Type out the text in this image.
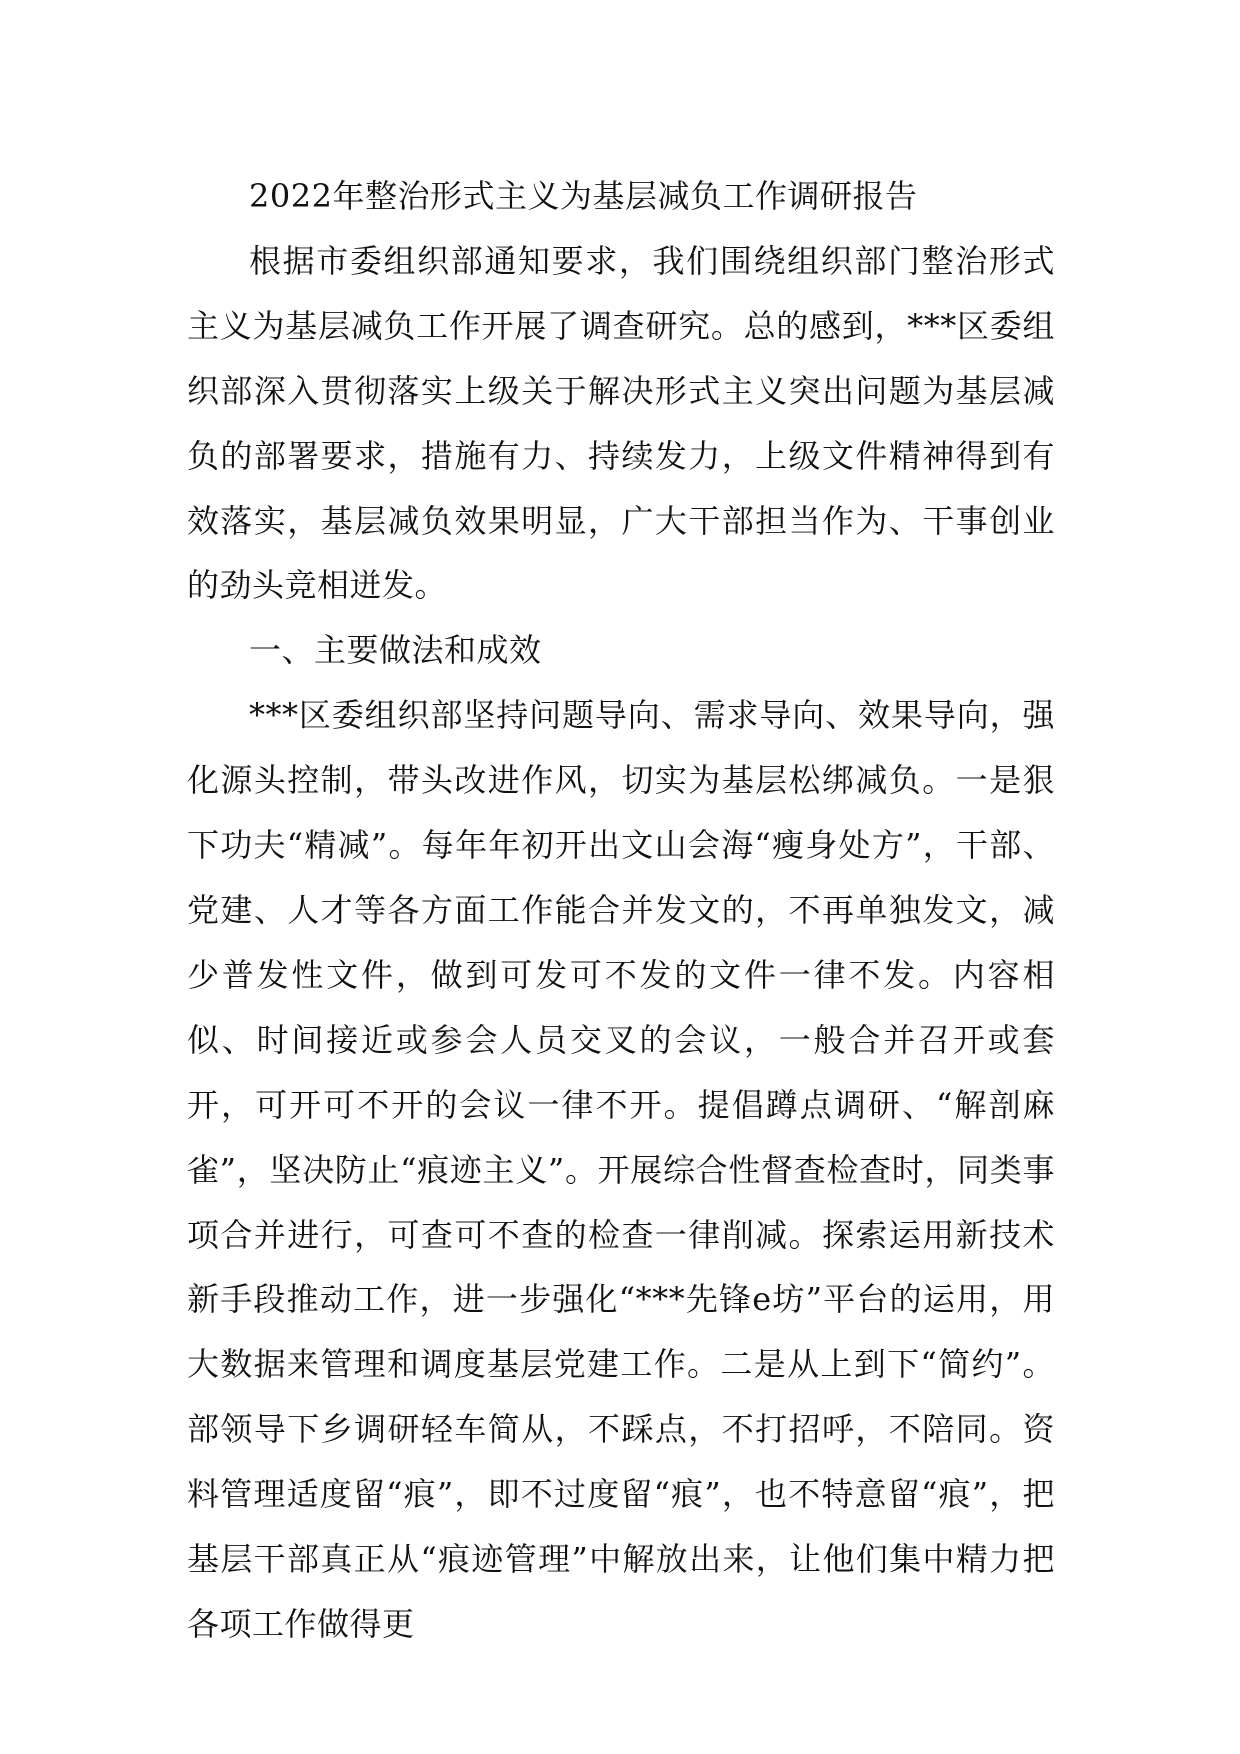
2022年整治形式主义为基层减负工作调研报告

根据市委组织部通知要求，我们围绕组织部门整治形式主义为基层减负工作开展了调查研究。总的感到，***区委组织部深入贯彻落实上级关于解决形式主义突出问题为基层减负的部署要求，措施有力、持续发力，上级文件精神得到有效落实，基层减负效果明显，广大干部担当作为、干事创业的劲头竞相迸发。

一、主要做法和成效

***区委组织部坚持问题导向、需求导向、效果导向，强化源头控制，带头改进作风，切实为基层松绑减负。一是狠下功夫“精减”。每年年初开出文山会海“瘦身处方”，干部、党建、人才等各方面工作能合并发文的，不再单独发文，减少普发性文件，做到可发可不发的文件一律不发。内容相似、时间接近或参会人员交叉的会议，一般合并召开或套开，可开可不开的会议一律不开。提倡蹲点调研、“解剖麻雀”，坚决防止“痕迹主义”。开展综合性督查检查时，同类事项合并进行，可查可不查的检查一律削减。探索运用新技术新手段推动工作，进一步强化“***先锋e坊”平台的运用，用大数据来管理和调度基层党建工作。二是从上到下“简约”。部领导下乡调研轻车简从，不踩点，不打招呼，不陪同。资料管理适度留“痕”，即不过度留“痕”，也不特意留“痕”，把基层干部真正从“痕迹管理”中解放出来，让他们集中精力把各项工作做得更
